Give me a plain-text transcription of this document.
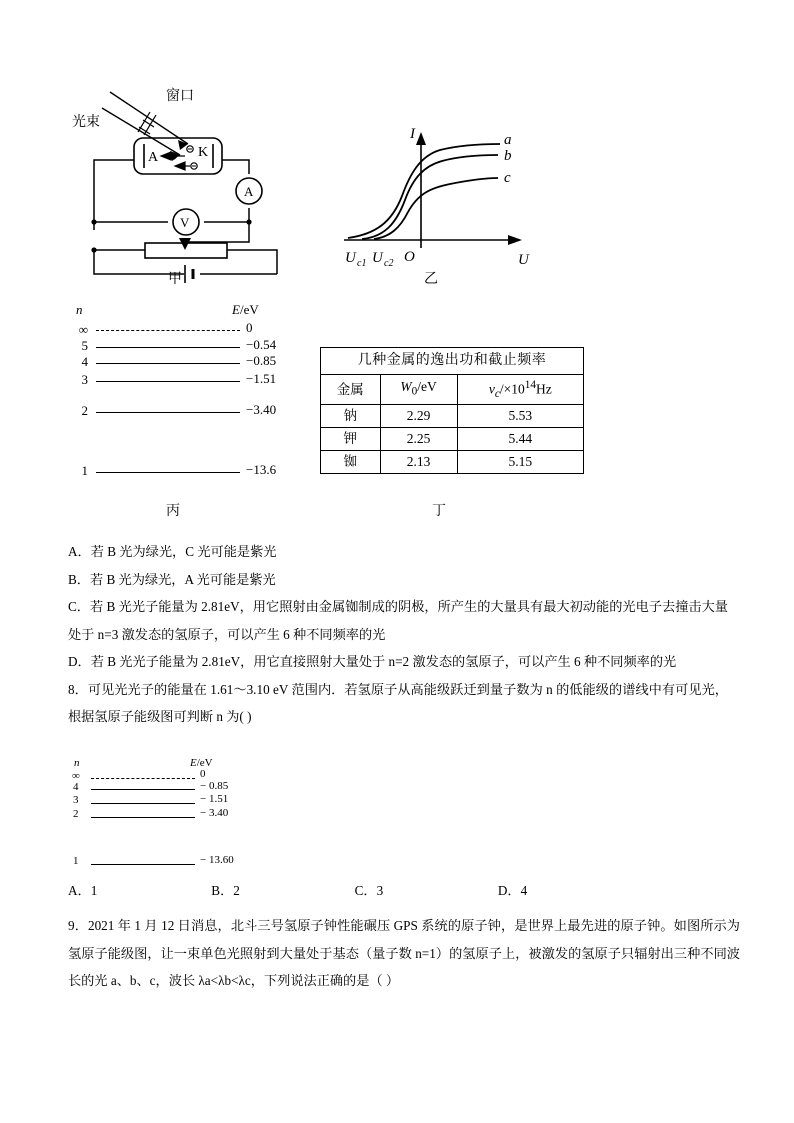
窗口
光束
A	K
A
V
甲
a
b
c
I
U
O
U c1 U c2
乙
n	E/eV
∞	0
5	−0.54
4	−0.85
3	−1.51
2	−3.40
1	−13.6
丙
几种金属的逸出功和截止频率		
金属	$W_0/eV$	$\nu_c/\times 10^{14}Hz$
钠	2.29	5.53
钾	2.25	5.44
铷	2.13	5.15
丁

A．若 B 光为绿光，C 光可能是紫光

B．若 B 光为绿光，A 光可能是紫光

C．若 B 光光子能量为 2.81eV，用它照射由金属铷制成的阴极，所产生的大量具有最大初动能的光电子去撞击大量处于 n=3 激发态的氢原子，可以产生 6 种不同频率的光

D．若 B 光光子能量为 2.81eV，用它直接照射大量处于 n=2 激发态的氢原子，可以产生 6 种不同频率的光

8．可见光光子的能量在 1.61～3.10 eV 范围内．若氢原子从高能级跃迁到量子数为 n 的低能级的谱线中有可见光，根据氢原子能级图可判断 n 为( )

n	E/eV
∞	0
4	− 0.85
3	− 1.51
2	− 3.40
1	− 13.60
A．1	B．2	C．3	D．4

9．2021 年 1 月 12 日消息，北斗三号氢原子钟性能碾压 GPS 系统的原子钟，是世界上最先进的原子钟。如图所示为氢原子能级图，让一束单色光照射到大量处于基态（量子数 n=1）的氢原子上，被激发的氢原子只辐射出三种不同波长的光 a、b、c，波长 λa<λb<λc，下列说法正确的是（ ）
